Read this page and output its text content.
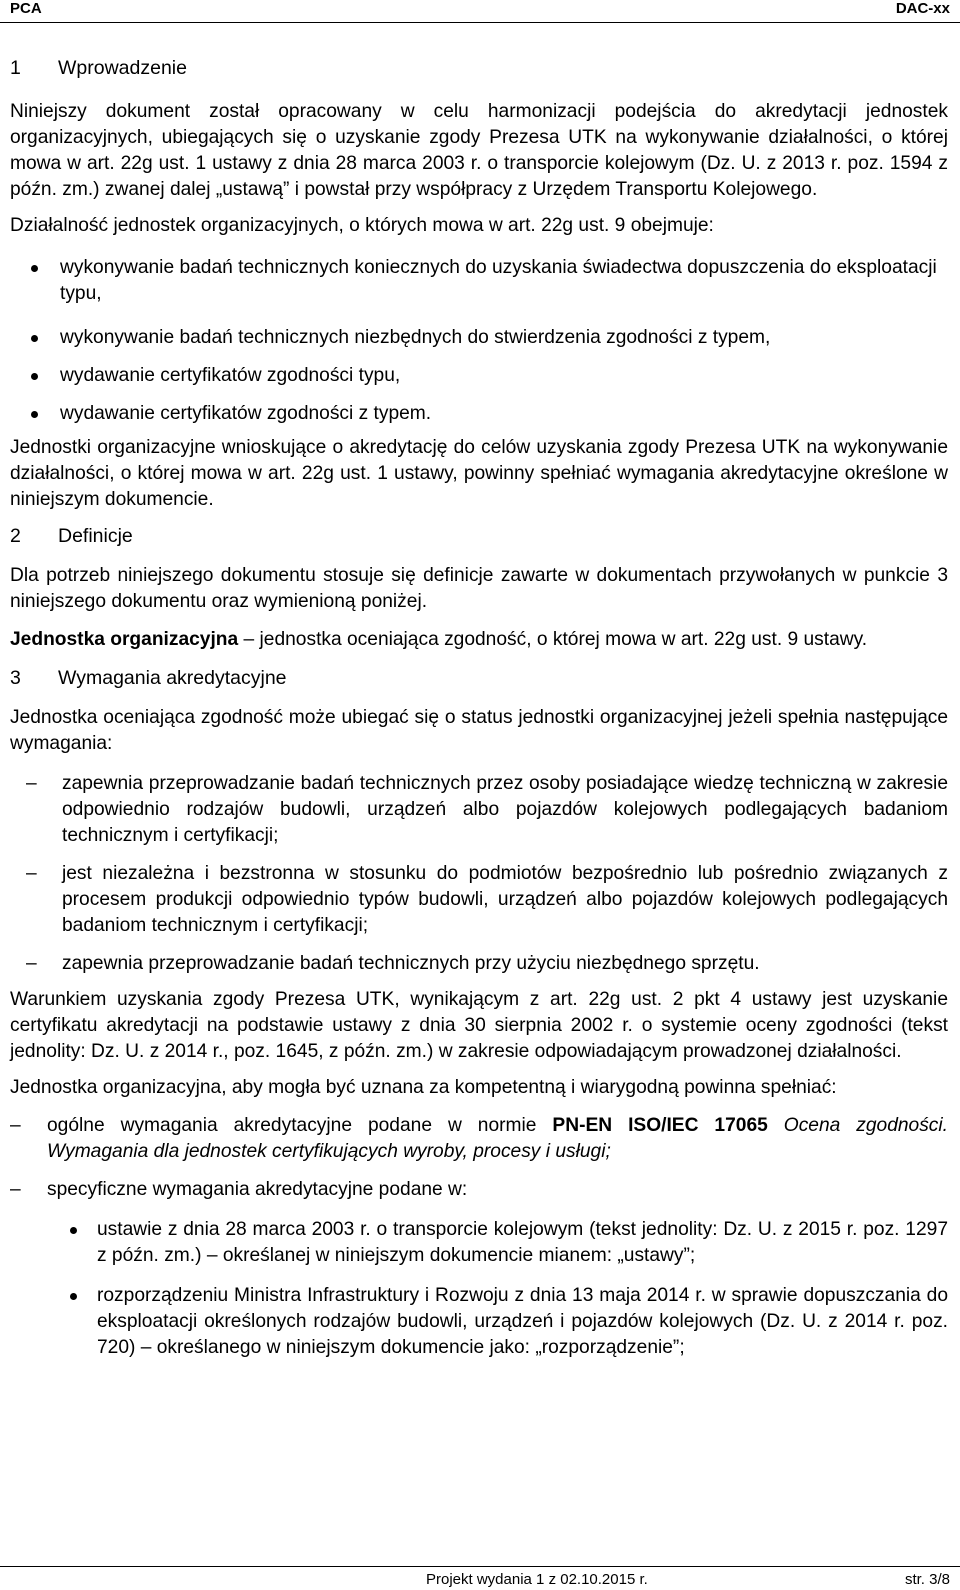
PCA	DAC-xx
1 Wprowadzenie

Niniejszy dokument został opracowany w celu harmonizacji podejścia do akredytacji jednostek organizacyjnych, ubiegających się o uzyskanie zgody Prezesa UTK na wykonywanie działalności, o której mowa w art. 22g ust. 1 ustawy z dnia 28 marca 2003 r. o transporcie kolejowym (Dz. U. z 2013 r. poz. 1594 z późn. zm.) zwanej dalej „ustawą” i powstał przy współpracy z Urzędem Transportu Kolejowego.

Działalność jednostek organizacyjnych, o których mowa w art. 22g ust. 9 obejmuje:

wykonywanie badań technicznych koniecznych do uzyskania świadectwa dopuszczenia do eksploatacji typu,
wykonywanie badań technicznych niezbędnych do stwierdzenia zgodności z typem,
wydawanie certyfikatów zgodności typu,
wydawanie certyfikatów zgodności z typem.

Jednostki organizacyjne wnioskujące o akredytację do celów uzyskania zgody Prezesa UTK na wykonywanie działalności, o której mowa w art. 22g ust. 1 ustawy, powinny spełniać wymagania akredytacyjne określone w niniejszym dokumencie.

2 Definicje

Dla potrzeb niniejszego dokumentu stosuje się definicje zawarte w dokumentach przywołanych w punkcie 3 niniejszego dokumentu oraz wymienioną poniżej.

Jednostka organizacyjna – jednostka oceniająca zgodność, o której mowa w art. 22g ust. 9 ustawy.

3 Wymagania akredytacyjne

Jednostka oceniająca zgodność może ubiegać się o status jednostki organizacyjnej jeżeli spełnia następujące wymagania:

– zapewnia przeprowadzanie badań technicznych przez osoby posiadające wiedzę techniczną w zakresie odpowiednio rodzajów budowli, urządzeń albo pojazdów kolejowych podlegających badaniom technicznym i certyfikacji;
– jest niezależna i bezstronna w stosunku do podmiotów bezpośrednio lub pośrednio związanych z procesem produkcji odpowiednio typów budowli, urządzeń albo pojazdów kolejowych podlegających badaniom technicznym i certyfikacji;
– zapewnia przeprowadzanie badań technicznych przy użyciu niezbędnego sprzętu.

Warunkiem uzyskania zgody Prezesa UTK, wynikającym z art. 22g ust. 2 pkt 4 ustawy jest uzyskanie certyfikatu akredytacji na podstawie ustawy z dnia 30 sierpnia 2002 r. o systemie oceny zgodności (tekst jednolity: Dz. U. z 2014 r., poz. 1645, z późn. zm.) w zakresie odpowiadającym prowadzonej działalności.

Jednostka organizacyjna, aby mogła być uznana za kompetentną i wiarygodną powinna spełniać:

– ogólne wymagania akredytacyjne podane w normie PN-EN ISO/IEC 17065 Ocena zgodności. Wymagania dla jednostek certyfikujących wyroby, procesy i usługi;
– specyficzne wymagania akredytacyjne podane w:
ustawie z dnia 28 marca 2003 r. o transporcie kolejowym (tekst jednolity: Dz. U. z 2015 r. poz. 1297 z późn. zm.) – określanej w niniejszym dokumencie mianem: „ustawy”;
rozporządzeniu Ministra Infrastruktury i Rozwoju z dnia 13 maja 2014 r. w sprawie dopuszczania do eksploatacji określonych rodzajów budowli, urządzeń i pojazdów kolejowych (Dz. U. z 2014 r. poz. 720) – określanego w niniejszym dokumencie jako: „rozporządzenie”;
Projekt wydania 1 z 02.10.2015 r.	str. 3/8
